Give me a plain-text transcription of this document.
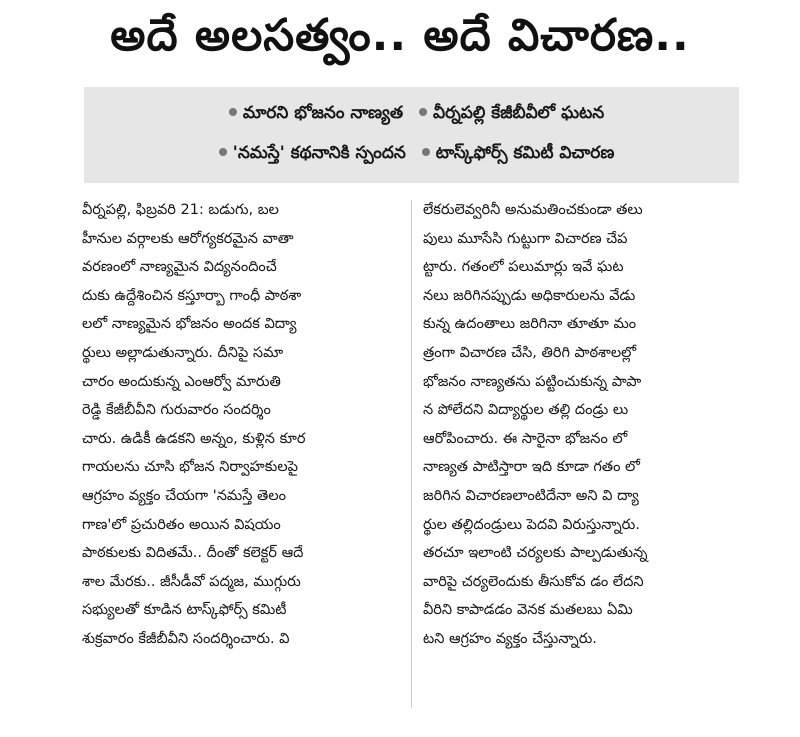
అదే అలసత్వం.. అదే విచారణ..
మారని భోజనం నాణ్యత వీర్నపల్లి కేజీబీవీలో ఘటన
'నమస్తే' కథనానికి స్పందన టాస్క్‌ఫోర్స్ కమిటీ విచారణ
వీర్నపల్లి, ఫిబ్రవరి 21: బడుగు, బల
హీనుల వర్గాలకు ఆరోగ్యకరమైన వాతా
వరణంలో నాణ్యమైన విద్యనందించే
దుకు ఉద్దేశించిన కస్తూర్బా గాంధీ పాఠశా
లలో నాణ్యమైన భోజనం అందక విద్యా
ర్థులు అల్లాడుతున్నారు. దీనిపై సమా
చారం అందుకున్న ఎంఆర్వో మారుతి
రెడ్డి కేజీబీవీని గురువారం సందర్శిం
చారు. ఉడికీ ఉడకని అన్నం, కుళ్లిన కూర
గాయలను చూసి భోజన నిర్వాహకులపై
ఆగ్రహం వ్యక్తం చేయగా 'నమస్తే తెలం
గాణ'లో ప్రచురితం అయిన విషయం
పాఠకులకు విదితమే.. దీంతో కలెక్టర్ ఆదే
శాల మేరకు.. జీసీడీవో పద్మజ, ముగ్గురు
సభ్యులతో కూడిన టాస్క్‌ఫోర్స్ కమిటీ
శుక్రవారం కేజీబీవీని సందర్శించారు. వి
లేకరులెవ్వరినీ అనుమతించకుండా తలు
పులు మూసేసి గుట్టుగా విచారణ చేప
ట్టారు. గతంలో పలుమార్లు ఇవే ఘట
నలు జరిగినప్పుడు అధికారులను వేడు
కున్న ఉదంతాలు జరిగినా తూతూ మం
త్రంగా విచారణ చేసి, తిరిగి పాఠశాలల్లో
భోజనం నాణ్యతను పట్టించుకున్న పాపా
న పోలేదని విద్యార్థుల తల్లి దండ్రు లు
ఆరోపించారు. ఈ సారైనా భోజనం లో
నాణ్యత పాటిస్తారా ఇది కూడా గతం లో
జరిగిన విచారణలాంటిదేనా అని వి ద్యా
ర్థుల తల్లిదండ్రులు పెదవి విరుస్తున్నారు.
తరచూ ఇలాంటి చర్యలకు పాల్పడుతున్న
వారిపై చర్యలెందుకు తీసుకోవ డం లేదని
వీరిని కాపాడడం వెనక మతలబు ఏమి
టని ఆగ్రహం వ్యక్తం చేస్తున్నారు.
